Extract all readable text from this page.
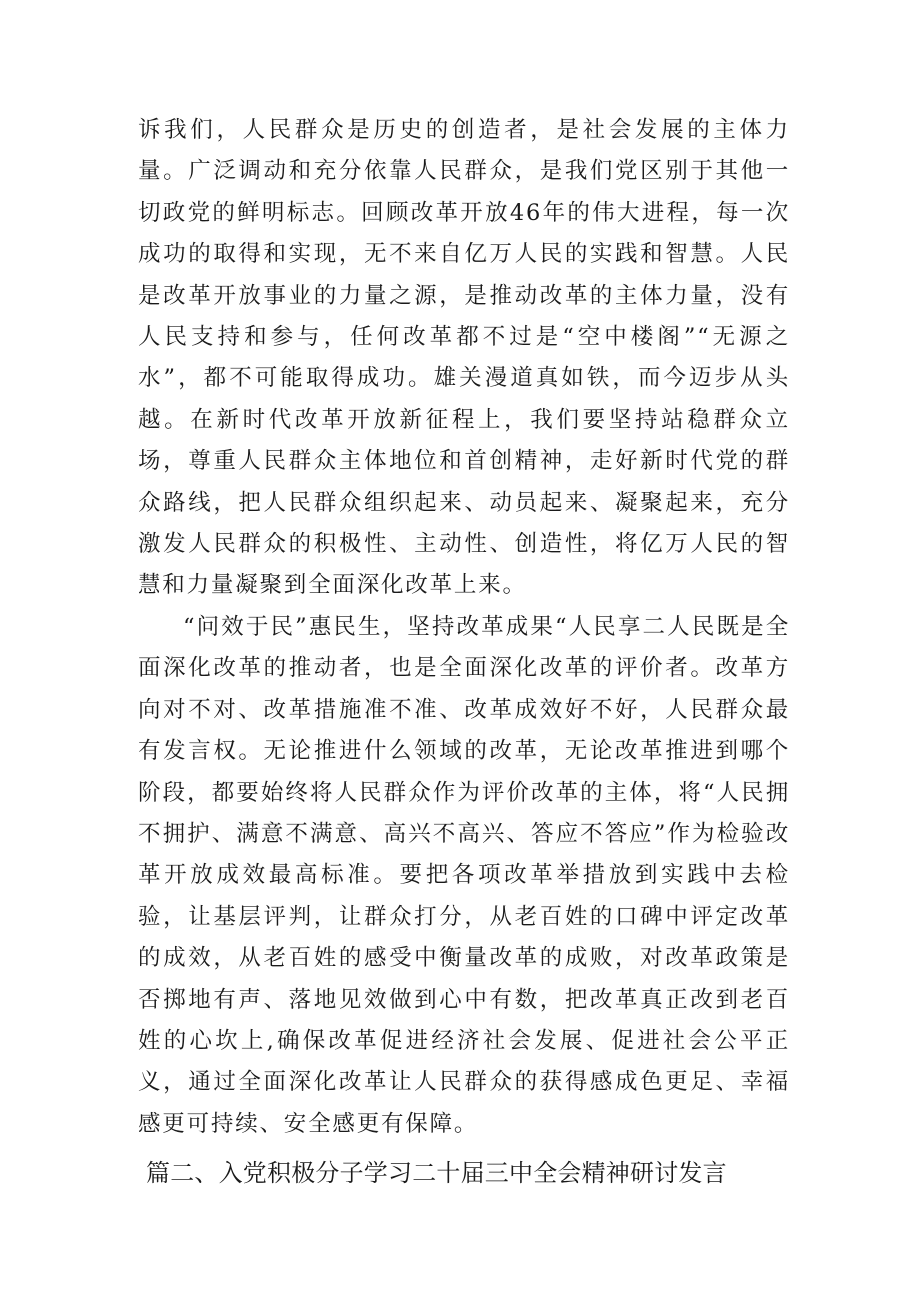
诉我们，人民群众是历史的创造者，是社会发展的主体力量。广泛调动和充分依靠人民群众，是我们党区别于其他一切政党的鲜明标志。回顾改革开放46年的伟大进程，每一次成功的取得和实现，无不来自亿万人民的实践和智慧。人民是改革开放事业的力量之源，是推动改革的主体力量，没有人民支持和参与，任何改革都不过是“空中楼阁”“无源之水”，都不可能取得成功。雄关漫道真如铁，而今迈步从头越。在新时代改革开放新征程上，我们要坚持站稳群众立场，尊重人民群众主体地位和首创精神，走好新时代党的群众路线，把人民群众组织起来、动员起来、凝聚起来，充分激发人民群众的积极性、主动性、创造性，将亿万人民的智慧和力量凝聚到全面深化改革上来。

“问效于民”惠民生，坚持改革成果“人民享二人民既是全面深化改革的推动者，也是全面深化改革的评价者。改革方向对不对、改革措施准不准、改革成效好不好，人民群众最有发言权。无论推进什么领域的改革，无论改革推进到哪个阶段，都要始终将人民群众作为评价改革的主体，将“人民拥不拥护、满意不满意、高兴不高兴、答应不答应”作为检验改革开放成效最高标准。要把各项改革举措放到实践中去检验，让基层评判，让群众打分，从老百姓的口碑中评定改革的成效，从老百姓的感受中衡量改革的成败，对改革政策是否掷地有声、落地见效做到心中有数，把改革真正改到老百姓的心坎上,确保改革促进经济社会发展、促进社会公平正义，通过全面深化改革让人民群众的获得感成色更足、幸福感更可持续、安全感更有保障。

篇二、入党积极分子学习二十届三中全会精神研讨发言
